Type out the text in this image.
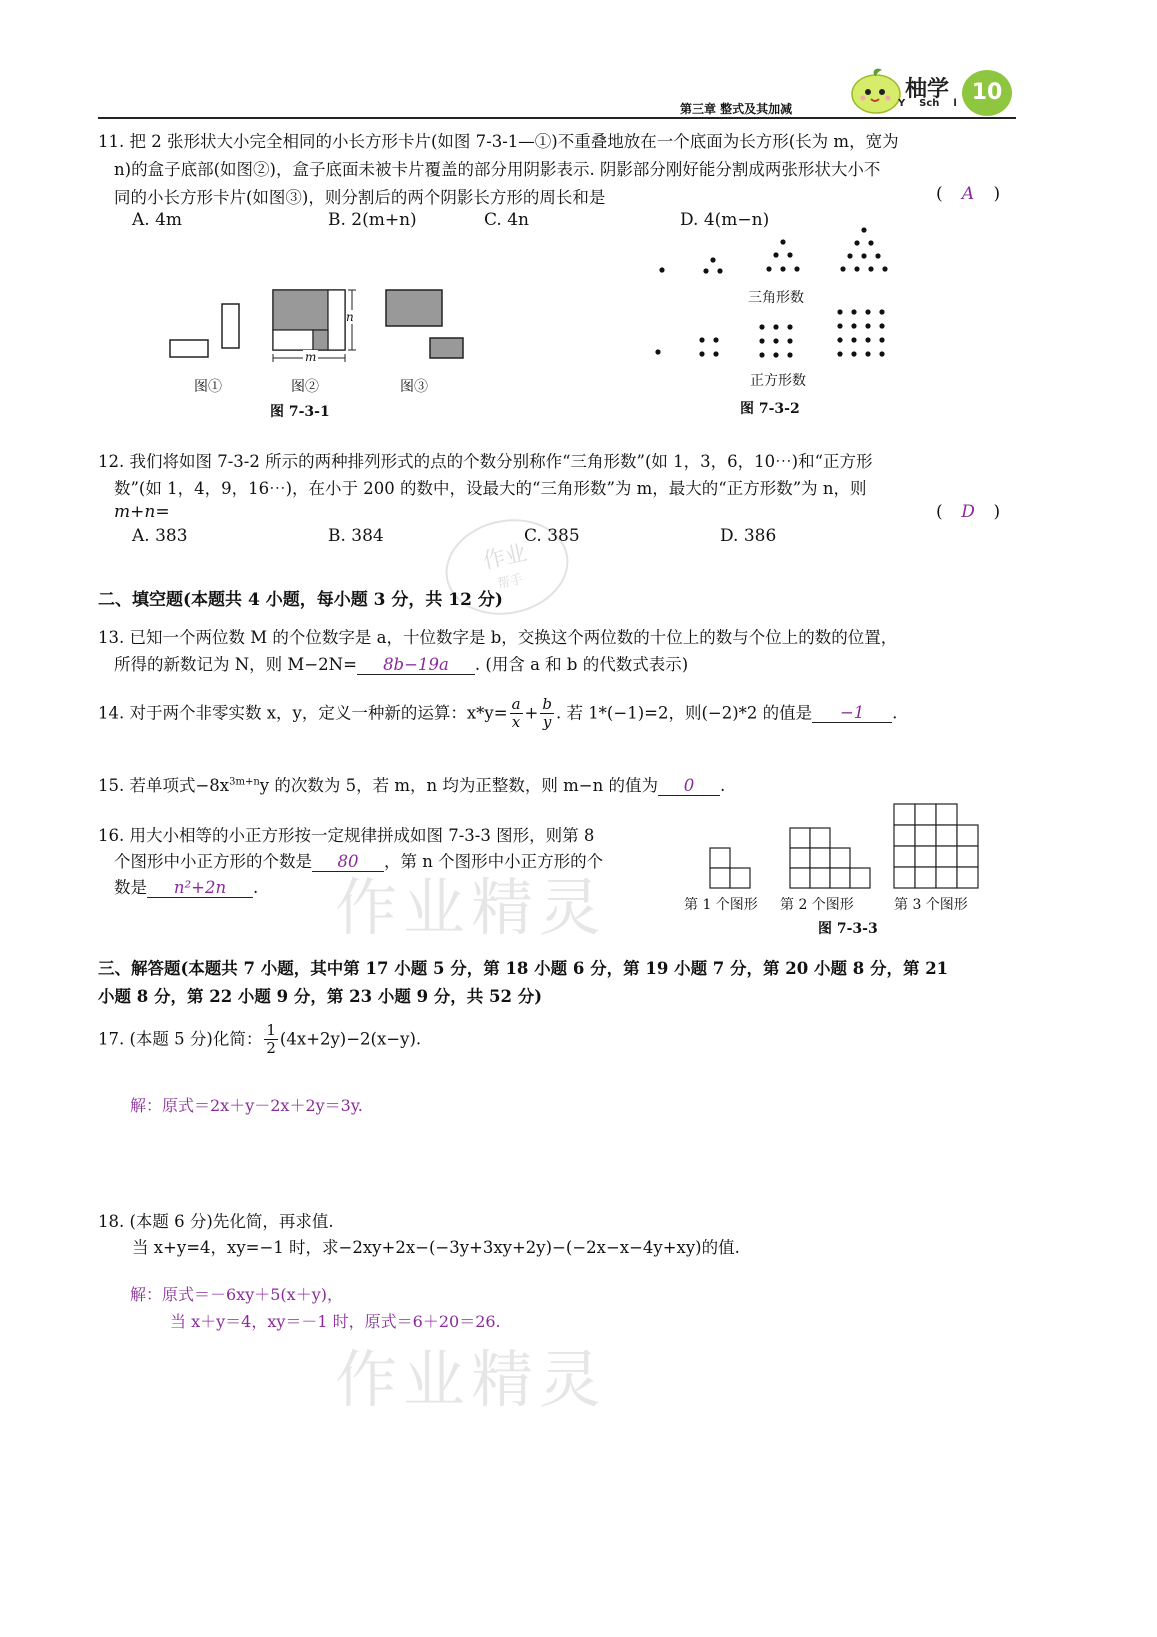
作业精灵
作业精灵
作业
帮手
第三章 整式及其加减
柚学
Y    Sch    l 10
11. 把 2 张形状大小完全相同的小长方形卡片(如图 7-3-1—①)不重叠地放在一个底面为长方形(长为 m，宽为
n)的盒子底部(如图②)，盒子底面未被卡片覆盖的部分用阴影表示. 阴影部分刚好能分割成两张形状大小不
同的小长方形卡片(如图③)，则分割后的两个阴影长方形的周长和是	( A )
A. 4m	B. 2(m+n)	C. 4n	D. 4(m−n)
n
m
图①	图②	图③
图 7-3-1
三角形数
正方形数
图 7-3-2
12. 我们将如图 7-3-2 所示的两种排列形式的点的个数分别称作“三角形数”(如 1，3，6，10⋯)和“正方形
数”(如 1，4，9，16⋯)，在小于 200 的数中，设最大的“三角形数”为 m，最大的“正方形数”为 n，则
m+n=	( D )
A. 383	B. 384	C. 385	D. 386
二、填空题(本题共 4 小题，每小题 3 分，共 12 分)
13. 已知一个两位数 M 的个位数字是 a，十位数字是 b，交换这个两位数的十位上的数与个位上的数的位置，
所得的新数记为 N，则 M−2N= 8b−19a . (用含 a 和 b 的代数式表示)
14. 对于两个非零实数 x，y，定义一种新的运算：$x*y= \frac{a}{x} + \frac{b}{y}$ . 若 1*(−1)=2，则(−2)*2 的值是 −1 .
15. 若单项式$-8x^{3m+n}y$ 的次数为 5，若 m，n 均为正整数，则 m−n 的值为 0 .
16. 用大小相等的小正方形按一定规律拼成如图 7-3-3 图形，则第 8
个图形中小正方形的个数是 80 ，第 n 个图形中小正方形的个
数是 n²+2n .
第 1 个图形 第 2 个图形	第 3 个图形
图 7-3-3
三、解答题(本题共 7 小题，其中第 17 小题 5 分，第 18 小题 6 分，第 19 小题 7 分，第 20 小题 8 分，第 21
小题 8 分，第 22 小题 9 分，第 23 小题 9 分，共 52 分)
17. (本题 5 分)化简： $\frac{1}{2} (4x+2y)-2(x-y)$.
解：原式＝2x＋y－2x＋2y＝3y.
18. (本题 6 分)先化简，再求值.
当 x+y=4，xy=−1 时，求−2xy+2x−(−3y+3xy+2y)−(−2x−x−4y+xy)的值.
解：原式＝－6xy＋5(x＋y)，
当 x＋y＝4，xy＝－1 时，原式＝6＋20＝26.
